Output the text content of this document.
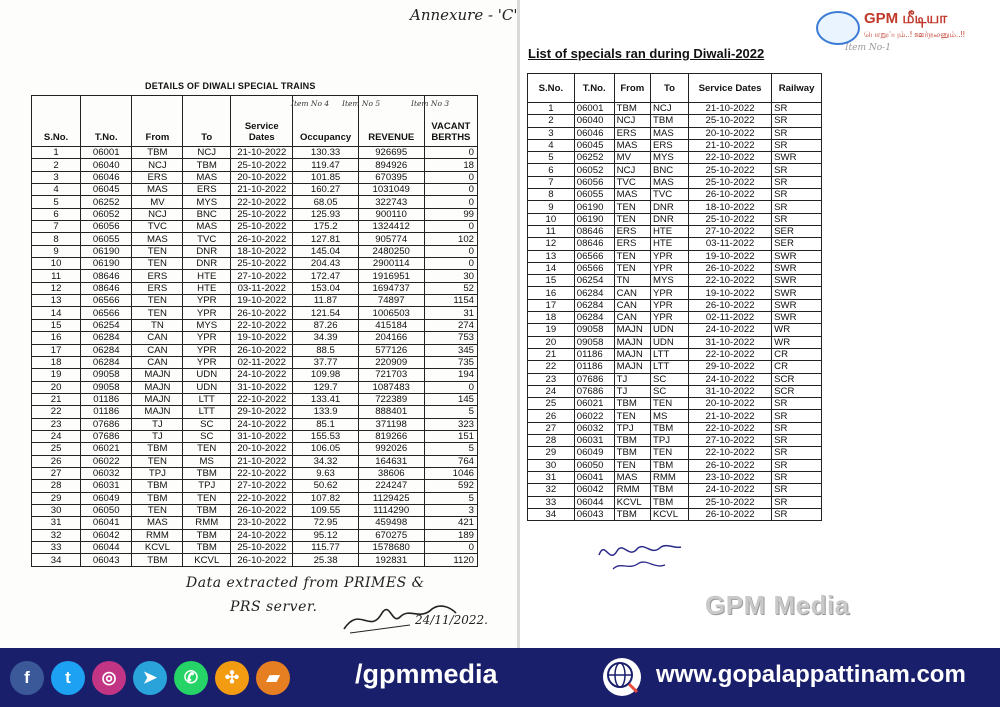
Annexure - 'C'
DETAILS OF DIWALI SPECIAL TRAINS
S.No.	T.No.	From	To	Service Dates	Occupancy	REVENUE	VACANT BERTHS
1	06001	TBM	NCJ	21-10-2022	130.33	926695	0
2	06040	NCJ	TBM	25-10-2022	119.47	894926	18
3	06046	ERS	MAS	20-10-2022	101.85	670395	0
4	06045	MAS	ERS	21-10-2022	160.27	1031049	0
5	06252	MV	MYS	22-10-2022	68.05	322743	0
6	06052	NCJ	BNC	25-10-2022	125.93	900110	99
7	06056	TVC	MAS	25-10-2022	175.2	1324412	0
8	06055	MAS	TVC	26-10-2022	127.81	905774	102
9	06190	TEN	DNR	18-10-2022	145.04	2480250	0
10	06190	TEN	DNR	25-10-2022	204.43	2900114	0
11	08646	ERS	HTE	27-10-2022	172.47	1916951	30
12	08646	ERS	HTE	03-11-2022	153.04	1694737	52
13	06566	TEN	YPR	19-10-2022	11.87	74897	1154
14	06566	TEN	YPR	26-10-2022	121.54	1006503	31
15	06254	TN	MYS	22-10-2022	87.26	415184	274
16	06284	CAN	YPR	19-10-2022	34.39	204166	753
17	06284	CAN	YPR	26-10-2022	88.5	577126	345
18	06284	CAN	YPR	02-11-2022	37.77	220909	735
19	09058	MAJN	UDN	24-10-2022	109.98	721703	194
20	09058	MAJN	UDN	31-10-2022	129.7	1087483	0
21	01186	MAJN	LTT	22-10-2022	133.41	722389	145
22	01186	MAJN	LTT	29-10-2022	133.9	888401	5
23	07686	TJ	SC	24-10-2022	85.1	371198	323
24	07686	TJ	SC	31-10-2022	155.53	819266	151
25	06021	TBM	TEN	20-10-2022	106.05	992026	5
26	06022	TEN	MS	21-10-2022	34.32	164631	764
27	06032	TPJ	TBM	22-10-2022	9.63	38606	1046
28	06031	TBM	TPJ	27-10-2022	50.62	224247	592
29	06049	TBM	TEN	22-10-2022	107.82	1129425	5
30	06050	TEN	TBM	26-10-2022	109.55	1114290	3
31	06041	MAS	RMM	23-10-2022	72.95	459498	421
32	06042	RMM	TBM	24-10-2022	95.12	670275	189
33	06044	KCVL	TBM	25-10-2022	115.77	1578680	0
34	06043	TBM	KCVL	26-10-2022	25.38	192831	1120
Item No 4 Item No 5	Item No 3
Data extracted from PRIMES &
PRS server.
24/11/2022.
List of specials ran during Diwali-2022	Item No-1
S.No.	T.No.	From	To	Service Dates	Railway
1	06001	TBM	NCJ	21-10-2022	SR
2	06040	NCJ	TBM	25-10-2022	SR
3	06046	ERS	MAS	20-10-2022	SR
4	06045	MAS	ERS	21-10-2022	SR
5	06252	MV	MYS	22-10-2022	SWR
6	06052	NCJ	BNC	25-10-2022	SR
7	06056	TVC	MAS	25-10-2022	SR
8	06055	MAS	TVC	26-10-2022	SR
9	06190	TEN	DNR	18-10-2022	SR
10	06190	TEN	DNR	25-10-2022	SR
11	08646	ERS	HTE	27-10-2022	SER
12	08646	ERS	HTE	03-11-2022	SER
13	06566	TEN	YPR	19-10-2022	SWR
14	06566	TEN	YPR	26-10-2022	SWR
15	06254	TN	MYS	22-10-2022	SWR
16	06284	CAN	YPR	19-10-2022	SWR
17	06284	CAN	YPR	26-10-2022	SWR
18	06284	CAN	YPR	02-11-2022	SWR
19	09058	MAJN	UDN	24-10-2022	WR
20	09058	MAJN	UDN	31-10-2022	WR
21	01186	MAJN	LTT	22-10-2022	CR
22	01186	MAJN	LTT	29-10-2022	CR
23	07686	TJ	SC	24-10-2022	SCR
24	07686	TJ	SC	31-10-2022	SCR
25	06021	TBM	TEN	20-10-2022	SR
26	06022	TEN	MS	21-10-2022	SR
27	06032	TPJ	TBM	22-10-2022	SR
28	06031	TBM	TPJ	27-10-2022	SR
29	06049	TBM	TEN	22-10-2022	SR
30	06050	TEN	TBM	26-10-2022	SR
31	06041	MAS	RMM	23-10-2022	SR
32	06042	RMM	TBM	24-10-2022	SR
33	06044	KCVL	TBM	25-10-2022	SR
34	06043	TBM	KCVL	26-10-2022	SR
GPM Media
GPM மீடியா
பொறுப்பும்..! ஊர்நலனும்..!!
f	t	◎	➤	✆	✣	▰	/gpmmedia	www.gopalappattinam.com
